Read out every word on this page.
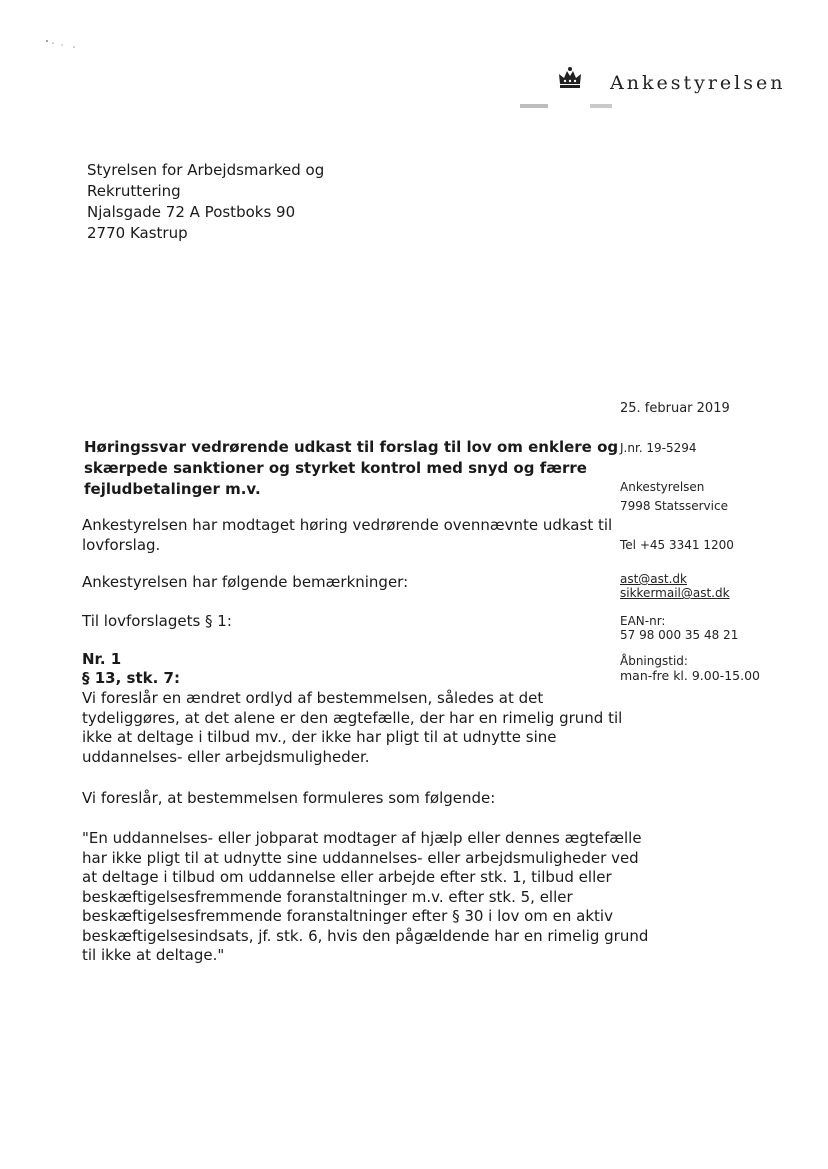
Ankestyrelsen
Styrelsen for Arbejdsmarked og
Rekruttering
Njalsgade 72 A Postboks 90
2770 Kastrup
25. februar 2019
J.nr. 19-5294
Ankestyrelsen
7998 Statsservice
Tel +45 3341 1200
ast@ast.dk
sikkermail@ast.dk
EAN-nr:
57 98 000 35 48 21
Åbningstid:
man-fre kl. 9.00-15.00
Høringssvar vedrørende udkast til forslag til lov om enklere og
skærpede sanktioner og styrket kontrol med snyd og færre
fejludbetalinger m.v.
Ankestyrelsen har modtaget høring vedrørende ovennævnte udkast til
lovforslag.
Ankestyrelsen har følgende bemærkninger:
Til lovforslagets § 1:
Nr. 1
§ 13, stk. 7:
Vi foreslår en ændret ordlyd af bestemmelsen, således at det
tydeliggøres, at det alene er den ægtefælle, der har en rimelig grund til
ikke at deltage i tilbud mv., der ikke har pligt til at udnytte sine
uddannelses- eller arbejdsmuligheder.
Vi foreslår, at bestemmelsen formuleres som følgende:
"En uddannelses- eller jobparat modtager af hjælp eller dennes ægtefælle
har ikke pligt til at udnytte sine uddannelses- eller arbejdsmuligheder ved
at deltage i tilbud om uddannelse eller arbejde efter stk. 1, tilbud eller
beskæftigelsesfremmende foranstaltninger m.v. efter stk. 5, eller
beskæftigelsesfremmende foranstaltninger efter § 30 i lov om en aktiv
beskæftigelsesindsats, jf. stk. 6, hvis den pågældende har en rimelig grund
til ikke at deltage."
